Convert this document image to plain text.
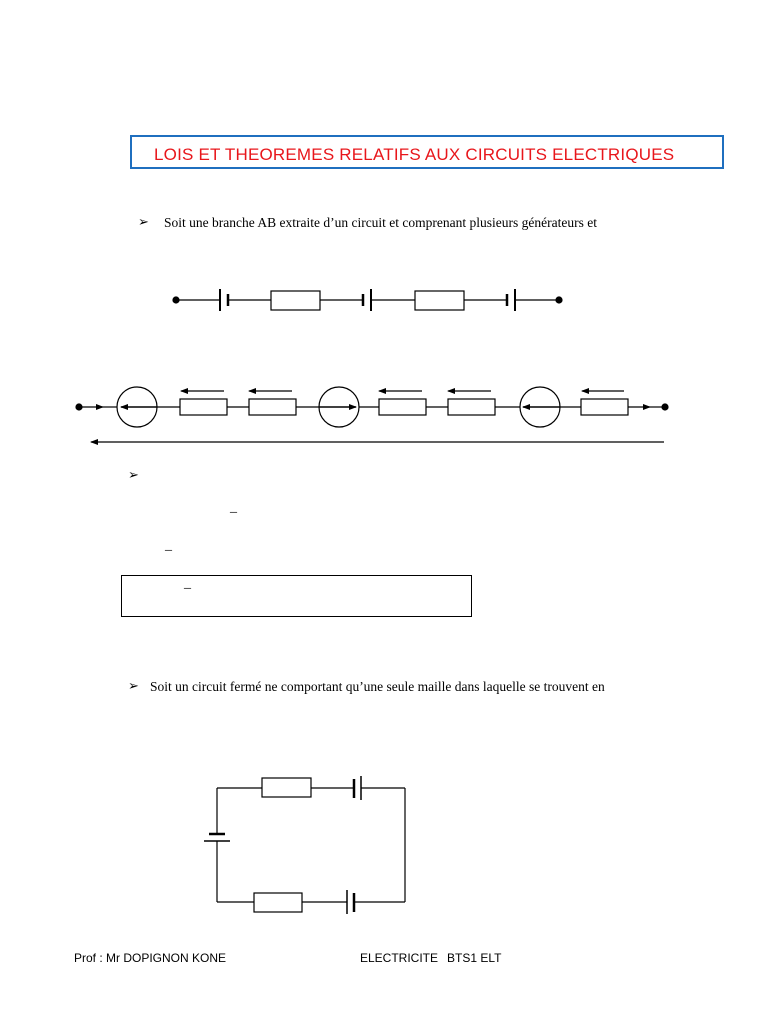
LOIS ET THEOREMES RELATIFS AUX CIRCUITS ELECTRIQUES
➢ Soit une branche AB extraite d’un circuit et comprenant plusieurs générateurs et
➢
_
_
_
➢ Soit un circuit fermé ne comportant qu’une seule maille dans laquelle se trouvent en
Prof : Mr DOPIGNON KONE	ELECTRICITE BTS1 ELT
